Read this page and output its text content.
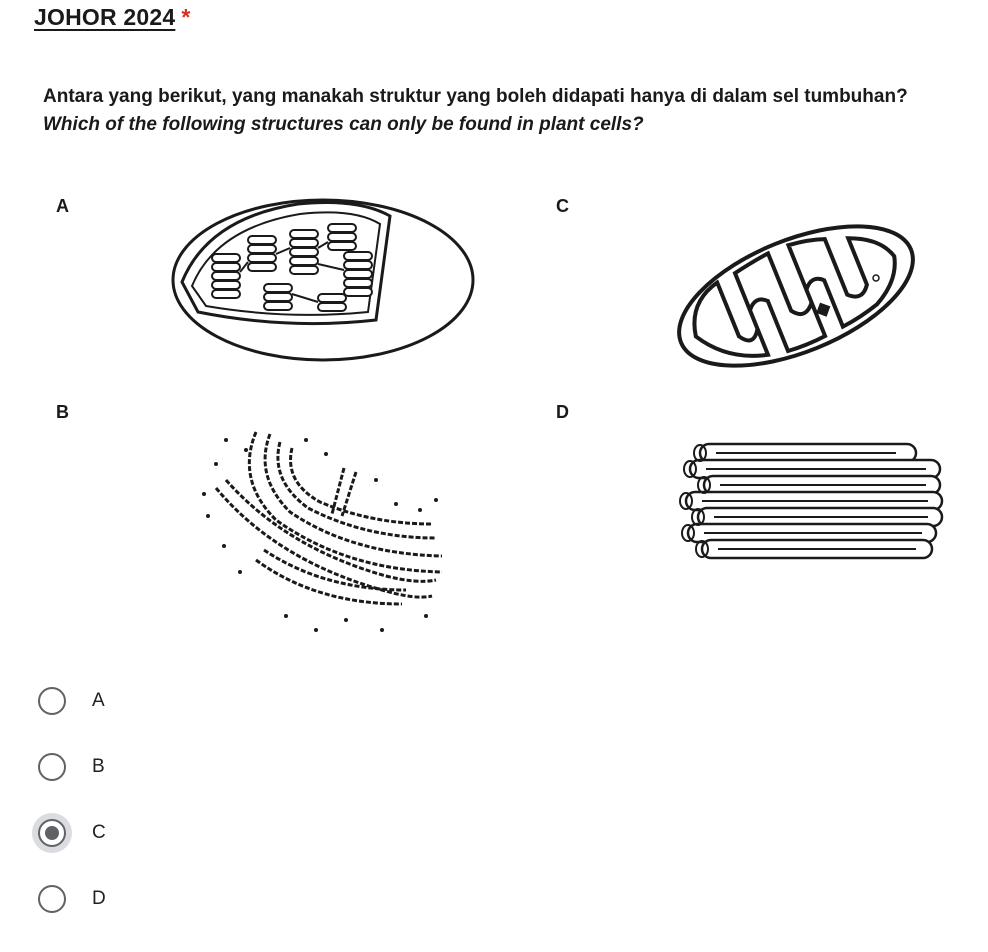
JOHOR 2024 *
Antara yang berikut, yang manakah struktur yang boleh didapati hanya di dalam sel tumbuhan?
Which of the following structures can only be found in plant cells?
A	C
B	D
A
B
C
D
